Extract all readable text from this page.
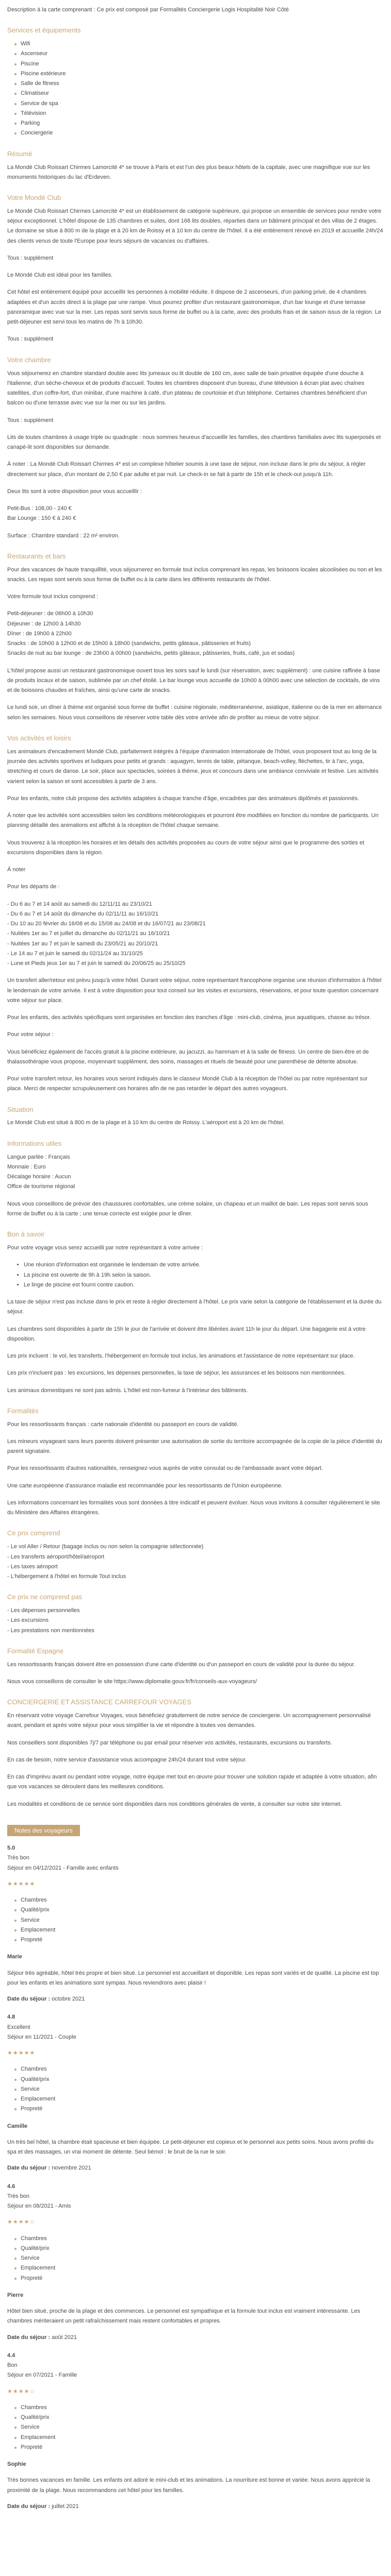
Description à la carte comprenant : Ce prix est composé par Formalités Conciergerie Logis Hospitalité Noir Côté

Services et équipements
Wifi
Ascenseur
Piscine
Piscine extérieure
Salle de fitness
Climatiseur
Service de spa
Télévision
Parking
Conciergerie
Résumé

La Mondé Club Roissart Chirmes Lamorcité 4* se trouve à Paris et est l'un des plus beaux hôtels de la capitale, avec une magnifique vue sur les monuments historiques du lac d'Erdeven.

Votre Mondé Club

Le Mondé Club Roissart Chirmes Lamorcité 4* est un établissement de catégorie supérieure, qui propose un ensemble de services pour rendre votre séjour exceptionnel. L'hôtel dispose de 135 chambres et suites, dont 168 lits doubles, réparties dans un bâtiment principal et des villas de 2 étages. Le domaine se situe à 800 m de la plage et à 20 km de Roissy et à 10 km du centre de l'hôtel. Il a été entièrement rénové en 2019 et accueille 24h/24 des clients venus de toute l'Europe pour leurs séjours de vacances ou d'affaires.

Tous : supplément

Le Mondé Club est idéal pour les familles.

Cet hôtel est entièrement équipé pour accueillir les personnes à mobilité réduite. Il dispose de 2 ascenseurs, d'un parking privé, de 4 chambres adaptées et d'un accès direct à la plage par une rampe. Vous pourrez profiter d'un restaurant gastronomique, d'un bar lounge et d'une terrasse panoramique avec vue sur la mer. Les repas sont servis sous forme de buffet ou à la carte, avec des produits frais et de saison issus de la région. Le petit-déjeuner est servi tous les matins de 7h à 10h30.

Tous : supplément

Votre chambre

Vous séjournerez en chambre standard double avec lits jumeaux ou lit double de 160 cm, avec salle de bain privative équipée d'une douche à l'italienne, d'un sèche-cheveux et de produits d'accueil. Toutes les chambres disposent d'un bureau, d'une télévision à écran plat avec chaînes satellites, d'un coffre-fort, d'un minibar, d'une machine à café, d'un plateau de courtoisie et d'un téléphone. Certaines chambres bénéficient d'un balcon ou d'une terrasse avec vue sur la mer ou sur les jardins.

Tous : supplément

Lits de toutes chambres à usage triple ou quadruple : nous sommes heureux d'accueillir les familles, des chambres familiales avec lits superposés et canapé-lit sont disponibles sur demande.

À noter : La Mondé Club Roissart Chirmes 4* est un complexe hôtelier soumis à une taxe de séjour, non incluse dans le prix du séjour, à régler directement sur place, d'un montant de 2,50 € par adulte et par nuit. Le check-in se fait à partir de 15h et le check-out jusqu'à 11h.

Deux lits sont à votre disposition pour vous accueillir :

Petit-Bus : 108,00 - 240 €
Bar Lounge : 150 € à 240 €

Surface : Chambre standard : 22 m² environ.

Restaurants et bars

Pour des vacances de haute tranquillité, vous séjournerez en formule tout inclus comprenant les repas, les boissons locales alcoolisées ou non et les snacks. Les repas sont servis sous forme de buffet ou à la carte dans les différents restaurants de l'hôtel.

Votre formule tout inclus comprend :

Petit-déjeuner : de 06h00 à 10h30
Déjeuner : de 12h00 à 14h30
Dîner : de 19h00 à 22h00
Snacks : de 10h00 à 12h00 et de 15h00 à 18h00 (sandwichs, petits gâteaux, pâtisseries et fruits)
Snacks de nuit au bar lounge : de 23h00 à 00h00 (sandwichs, petits gâteaux, pâtisseries, fruits, café, jus et sodas)

L'hôtel propose aussi un restaurant gastronomique ouvert tous les soirs sauf le lundi (sur réservation, avec supplément) : une cuisine raffinée à base de produits locaux et de saison, sublimée par un chef étoilé. Le bar lounge vous accueille de 10h00 à 00h00 avec une sélection de cocktails, de vins et de boissons chaudes et fraîches, ainsi qu'une carte de snacks.

Le lundi soir, un dîner à thème est organisé sous forme de buffet : cuisine régionale, méditerranéenne, asiatique, italienne ou de la mer en alternance selon les semaines. Nous vous conseillons de réserver votre table dès votre arrivée afin de profiter au mieux de votre séjour.

Vos activités et loisirs

Les animateurs d'encadrement Mondé Club, parfaitement intégrés à l'équipe d'animation internationale de l'hôtel, vous proposent tout au long de la journée des activités sportives et ludiques pour petits et grands : aquagym, tennis de table, pétanque, beach-volley, fléchettes, tir à l'arc, yoga, stretching et cours de danse. Le soir, place aux spectacles, soirées à thème, jeux et concours dans une ambiance conviviale et festive. Les activités varient selon la saison et sont accessibles à partir de 3 ans.

Pour les enfants, notre club propose des activités adaptées à chaque tranche d'âge, encadrées par des animateurs diplômés et passionnés.

À noter que les activités sont accessibles selon les conditions météorologiques et pourront être modifiées en fonction du nombre de participants. Un planning détaillé des animations est affiché à la réception de l'hôtel chaque semaine.

Vous trouverez à la réception les horaires et les détails des activités proposées au cours de votre séjour ainsi que le programme des sorties et excursions disponibles dans la région.

À noter

Pour les départs de :

- Du 6 au 7 et 14 août au samedi du 12/11/11 au 23/10/21
- Du 6 au 7 et 14 août du dimanche du 02/11/11 au 16/10/21
- Du 10 au 20 février du 16/08 et du 15/08 au 24/08 et du 16/07/21 au 23/08/21
- Nuitées 1er au 7 et juillet du dimanche du 02/11/21 au 16/10/21
- Nuitées 1er au 7 et juin le samedi du 23/05/21 au 20/10/21
- Le 14 au 7 et juin le samedi du 02/11/24 au 31/10/25
- Lune et Pieds jeux 1er au 7 et juin le samedi du 20/06/25 au 25/10/25

Un transfert aller/retour est prévu jusqu'à votre hôtel. Durant votre séjour, notre représentant francophone organise une réunion d'information à l'hôtel le lendemain de votre arrivée. Il est à votre disposition pour tout conseil sur les visites et excursions, réservations, et pour toute question concernant votre séjour sur place.

Pour les enfants, des activités spécifiques sont organisées en fonction des tranches d'âge : mini-club, cinéma, jeux aquatiques, chasse au trésor.

Pour votre séjour :

Vous bénéficiez également de l'accès gratuit à la piscine extérieure, au jacuzzi, au hammam et à la salle de fitness. Un centre de bien-être et de thalassothérapie vous propose, moyennant supplément, des soins, massages et rituels de beauté pour une parenthèse de détente absolue.

Pour votre transfert retour, les horaires vous seront indiqués dans le classeur Mondé Club à la réception de l'hôtel ou par notre représentant sur place. Merci de respecter scrupuleusement ces horaires afin de ne pas retarder le départ des autres voyageurs.

Situation

Le Mondé Club est situé à 800 m de la plage et à 10 km du centre de Roissy. L'aéroport est à 20 km de l'hôtel.

Informations utiles

Langue parlée : Français
Monnaie : Euro
Décalage horaire : Aucun
Office de tourisme régional

Nous vous conseillons de prévoir des chaussures confortables, une crème solaire, un chapeau et un maillot de bain. Les repas sont servis sous forme de buffet ou à la carte ; une tenue correcte est exigée pour le dîner.

Bon à savoir

Pour votre voyage vous serez accueilli par notre représentant à votre arrivée :

• Une réunion d'information est organisée le lendemain de votre arrivée.
• La piscine est ouverte de 9h à 19h selon la saison.
• Le linge de piscine est fourni contre caution.

La taxe de séjour n'est pas incluse dans le prix et reste à régler directement à l'hôtel. Le prix varie selon la catégorie de l'établissement et la durée du séjour.

Les chambres sont disponibles à partir de 15h le jour de l'arrivée et doivent être libérées avant 11h le jour du départ. Une bagagerie est à votre disposition.

Les prix incluent : le vol, les transferts, l'hébergement en formule tout inclus, les animations et l'assistance de notre représentant sur place.

Les prix n'incluent pas : les excursions, les dépenses personnelles, la taxe de séjour, les assurances et les boissons non mentionnées.

Les animaux domestiques ne sont pas admis. L'hôtel est non-fumeur à l'intérieur des bâtiments.

Formalités

Pour les ressortissants français : carte nationale d'identité ou passeport en cours de validité.

Les mineurs voyageant sans leurs parents doivent présenter une autorisation de sortie du territoire accompagnée de la copie de la pièce d'identité du parent signataire.

Pour les ressortissants d'autres nationalités, renseignez-vous auprès de votre consulat ou de l'ambassade avant votre départ.

Une carte européenne d'assurance maladie est recommandée pour les ressortissants de l'Union européenne.

Les informations concernant les formalités vous sont données à titre indicatif et peuvent évoluer. Nous vous invitons à consulter régulièrement le site du Ministère des Affaires étrangères.

Ce prix comprend

- Le vol Aller / Retour (bagage inclus ou non selon la compagnie sélectionnée)
- Les transferts aéroport/hôtel/aéroport
- Les taxes aéroport
- L'hébergement à l'hôtel en formule Tout inclus

Ce prix ne comprend pas

- Les dépenses personnelles
- Les excursions
- Les prestations non mentionnées

Formalité Espagne

Les ressortissants français doivent être en possession d'une carte d'identité ou d'un passeport en cours de validité pour la durée du séjour.

Nous vous conseillons de consulter le site https://www.diplomatie.gouv.fr/fr/conseils-aux-voyageurs/

CONCIERGERIE ET ASSISTANCE CARREFOUR VOYAGES

En réservant votre voyage Carrefour Voyages, vous bénéficiez gratuitement de notre service de conciergerie. Un accompagnement personnalisé avant, pendant et après votre séjour pour vous simplifier la vie et répondre à toutes vos demandes.

Nos conseillers sont disponibles 7j/7 par téléphone ou par email pour réserver vos activités, restaurants, excursions ou transferts.

En cas de besoin, notre service d'assistance vous accompagne 24h/24 durant tout votre séjour.

En cas d'imprévu avant ou pendant votre voyage, notre équipe met tout en œuvre pour trouver une solution rapide et adaptée à votre situation, afin que vos vacances se déroulent dans les meilleures conditions.

Les modalités et conditions de ce service sont disponibles dans nos conditions générales de vente, à consulter sur notre site internet.

Notes des voyageurs

5.0
Très bon
Séjour en 04/12/2021 - Famille avec enfants

★★★★★

Chambres
Qualité/prix
Service
Emplacement
Propreté

Marie

Séjour très agréable, hôtel très propre et bien situé. Le personnel est accueillant et disponible. Les repas sont variés et de qualité. La piscine est top pour les enfants et les animations sont sympas. Nous reviendrons avec plaisir !

Date du séjour : octobre 2021

4.8
Excellent
Séjour en 11/2021 - Couple

★★★★★

Chambres
Qualité/prix
Service
Emplacement
Propreté

Camille

Un très bel hôtel, la chambre était spacieuse et bien équipée. Le petit-déjeuner est copieux et le personnel aux petits soins. Nous avons profité du spa et des massages, un vrai moment de détente. Seul bémol : le bruit de la rue le soir.

Date du séjour : novembre 2021

4.6
Très bon
Séjour en 08/2021 - Amis

★★★★☆

Chambres
Qualité/prix
Service
Emplacement
Propreté

Pierre

Hôtel bien situé, proche de la plage et des commerces. Le personnel est sympathique et la formule tout inclus est vraiment intéressante. Les chambres mériteraient un petit rafraîchissement mais restent confortables et propres.

Date du séjour : août 2021

4.4
Bon
Séjour en 07/2021 - Famille

★★★★☆

Chambres
Qualité/prix
Service
Emplacement
Propreté

Sophie

Très bonnes vacances en famille. Les enfants ont adoré le mini-club et les animations. La nourriture est bonne et variée. Nous avons apprécié la proximité de la plage. Nous recommandons cet hôtel pour les familles.

Date du séjour : juillet 2021
